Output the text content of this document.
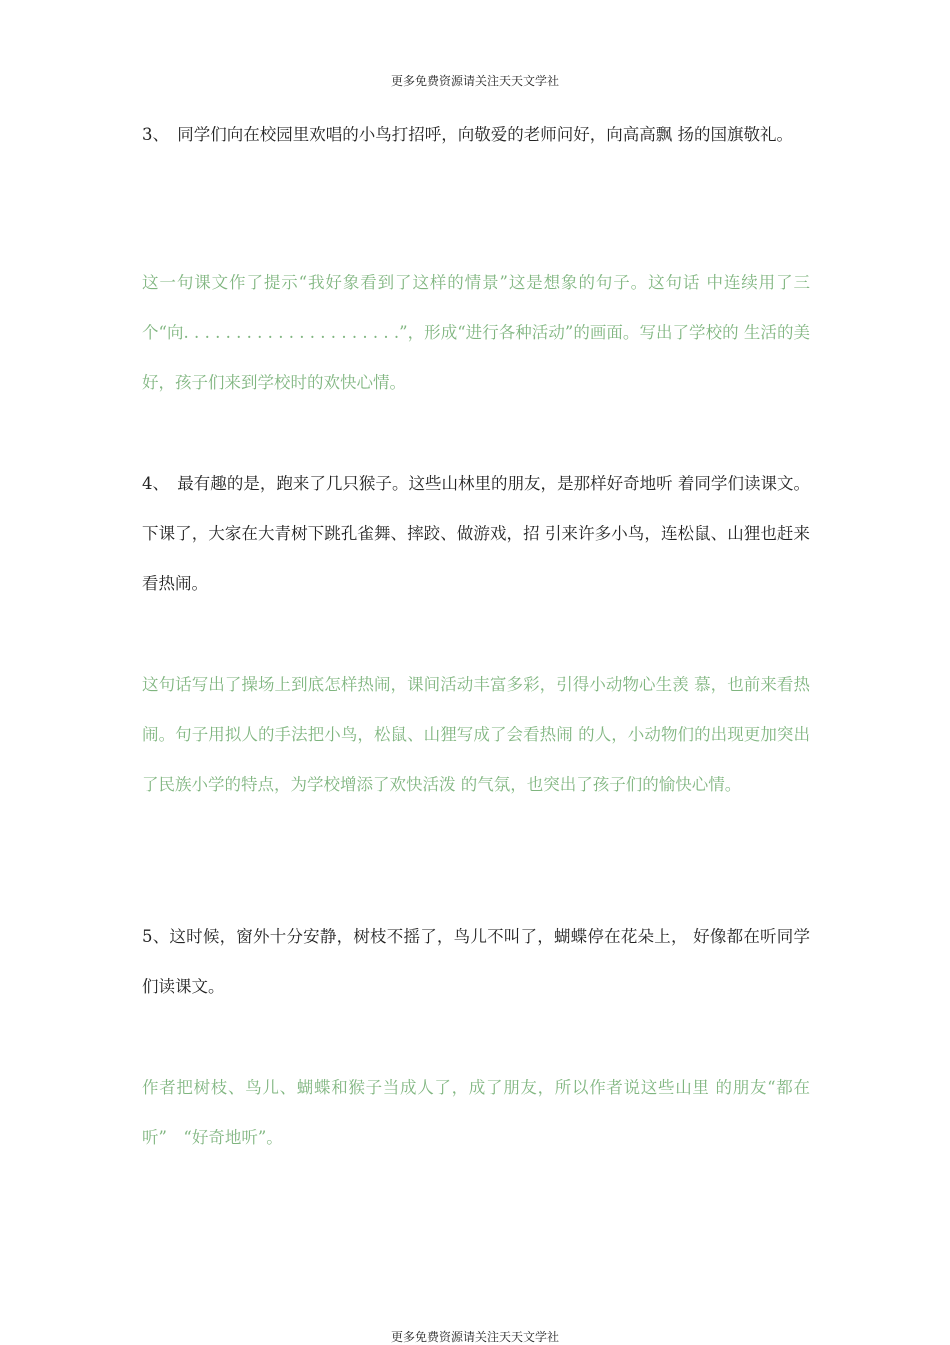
更多免费资源请关注天天文学社

3、　同学们向在校园里欢唱的小鸟打招呼，向敬爱的老师问好，向高高飘 扬的国旗敬礼。

这一句课文作了提示“我好象看到了这样的情景”这是想象的句子。这句话 中连续用了三个“向. . . . . . . . . . . . . . . . . . . . .”，形成“进行各种活动”的画面。写出了学校的 生活的美好，孩子们来到学校时的欢快心情。

4、　最有趣的是，跑来了几只猴子。这些山林里的朋友，是那样好奇地听 着同学们读课文。下课了，大家在大青树下跳孔雀舞、摔跤、做游戏，招 引来许多小鸟，连松鼠、山狸也赶来看热闹。

这句话写出了操场上到底怎样热闹，课间活动丰富多彩，引得小动物心生羡 慕，也前来看热闹。句子用拟人的手法把小鸟，松鼠、山狸写成了会看热闹 的人，小动物们的出现更加突出了民族小学的特点，为学校增添了欢快活泼 的气氛，也突出了孩子们的愉快心情。

5、这时候，窗外十分安静，树枝不摇了，鸟儿不叫了，蝴蝶停在花朵上， 好像都在听同学们读课文。

作者把树枝、鸟儿、蝴蝶和猴子当成人了，成了朋友，所以作者说这些山里 的朋友“都在听”　“好奇地听”。

更多免费资源请关注天天文学社
